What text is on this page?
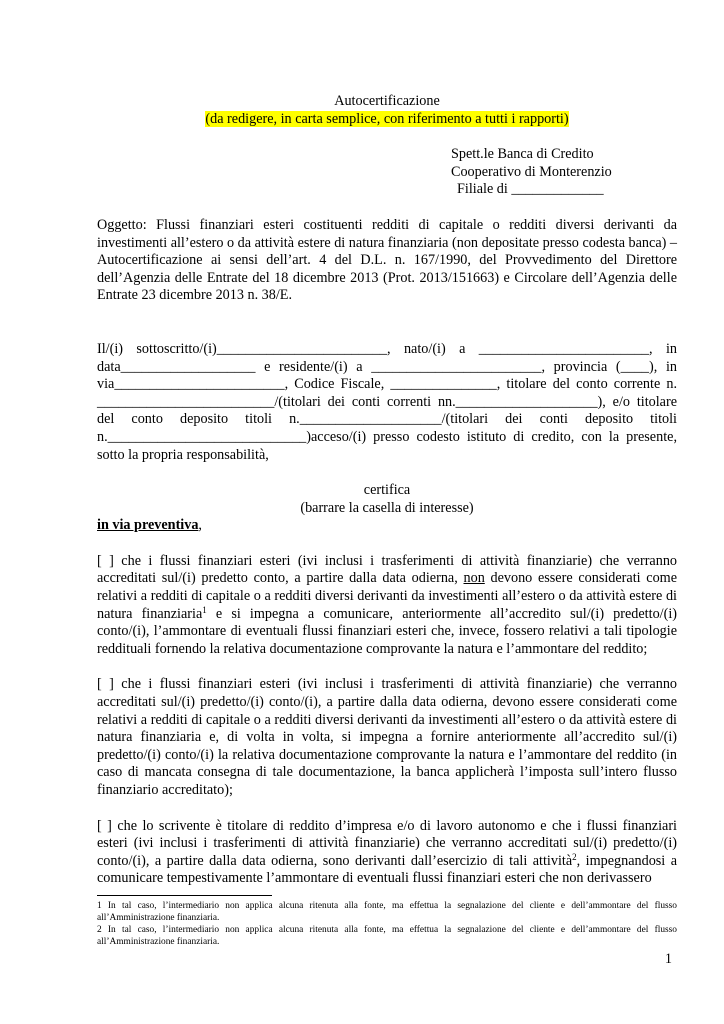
Autocertificazione
(da redigere, in carta semplice, con riferimento a tutti i rapporti)
Spett.le Banca di Credito
Cooperativo di Monterenzio
Filiale di _____________
Oggetto: Flussi finanziari esteri costituenti redditi di capitale o redditi diversi derivanti da investimenti all’estero o da attività estere di natura finanziaria (non depositate presso codesta banca) – Autocertificazione ai sensi dell’art. 4 del D.L. n. 167/1990, del Provvedimento del Direttore dell’Agenzia delle Entrate del 18 dicembre 2013 (Prot. 2013/151663) e Circolare dell’Agenzia delle Entrate 23 dicembre 2013 n. 38/E.
Il/(i) sottoscritto/(i)________________________, nato/(i) a ________________________, in data___________________ e residente/(i) a ________________________, provincia (____), in via________________________, Codice Fiscale, _______________, titolare del conto corrente n. _________________________/(titolari dei conti correnti nn.____________________), e/o titolare del conto deposito titoli n.____________________/(titolari dei conti deposito titoli n.____________________________)acceso/(i) presso codesto istituto di credito, con la presente, sotto la propria responsabilità,
certifica
(barrare la casella di interesse)
in via preventiva,
[ ] che i flussi finanziari esteri (ivi inclusi i trasferimenti di attività finanziarie) che verranno accreditati sul/(i) predetto conto, a partire dalla data odierna, non devono essere considerati come relativi a redditi di capitale o a redditi diversi derivanti da investimenti all’estero o da attività estere di natura finanziaria$^1$ e si impegna a comunicare, anteriormente all’accredito sul/(i) predetto/(i) conto/(i), l’ammontare di eventuali flussi finanziari esteri che, invece, fossero relativi a tali tipologie reddituali fornendo la relativa documentazione comprovante la natura e l’ammontare del reddito;
[ ] che i flussi finanziari esteri (ivi inclusi i trasferimenti di attività finanziarie) che verranno accreditati sul/(i) predetto/(i) conto/(i), a partire dalla data odierna, devono essere considerati come relativi a redditi di capitale o a redditi diversi derivanti da investimenti all’estero o da attività estere di natura finanziaria e, di volta in volta, si impegna a fornire anteriormente all’accredito sul/(i) predetto/(i) conto/(i) la relativa documentazione comprovante la natura e l’ammontare del reddito (in caso di mancata consegna di tale documentazione, la banca applicherà l’imposta sull’intero flusso finanziario accreditato);
[ ] che lo scrivente è titolare di reddito d’impresa e/o di lavoro autonomo e che i flussi finanziari esteri (ivi inclusi i trasferimenti di attività finanziarie) che verranno accreditati sul/(i) predetto/(i) conto/(i), a partire dalla data odierna, sono derivanti dall’esercizio di tali attività$^2$, impegnandosi a comunicare tempestivamente l’ammontare di eventuali flussi finanziari esteri che non derivassero
1 In tal caso, l’intermediario non applica alcuna ritenuta alla fonte, ma effettua la segnalazione del cliente e dell’ammontare del flusso all’Amministrazione finanziaria.
2 In tal caso, l’intermediario non applica alcuna ritenuta alla fonte, ma effettua la segnalazione del cliente e dell’ammontare del flusso all’Amministrazione finanziaria.
1
